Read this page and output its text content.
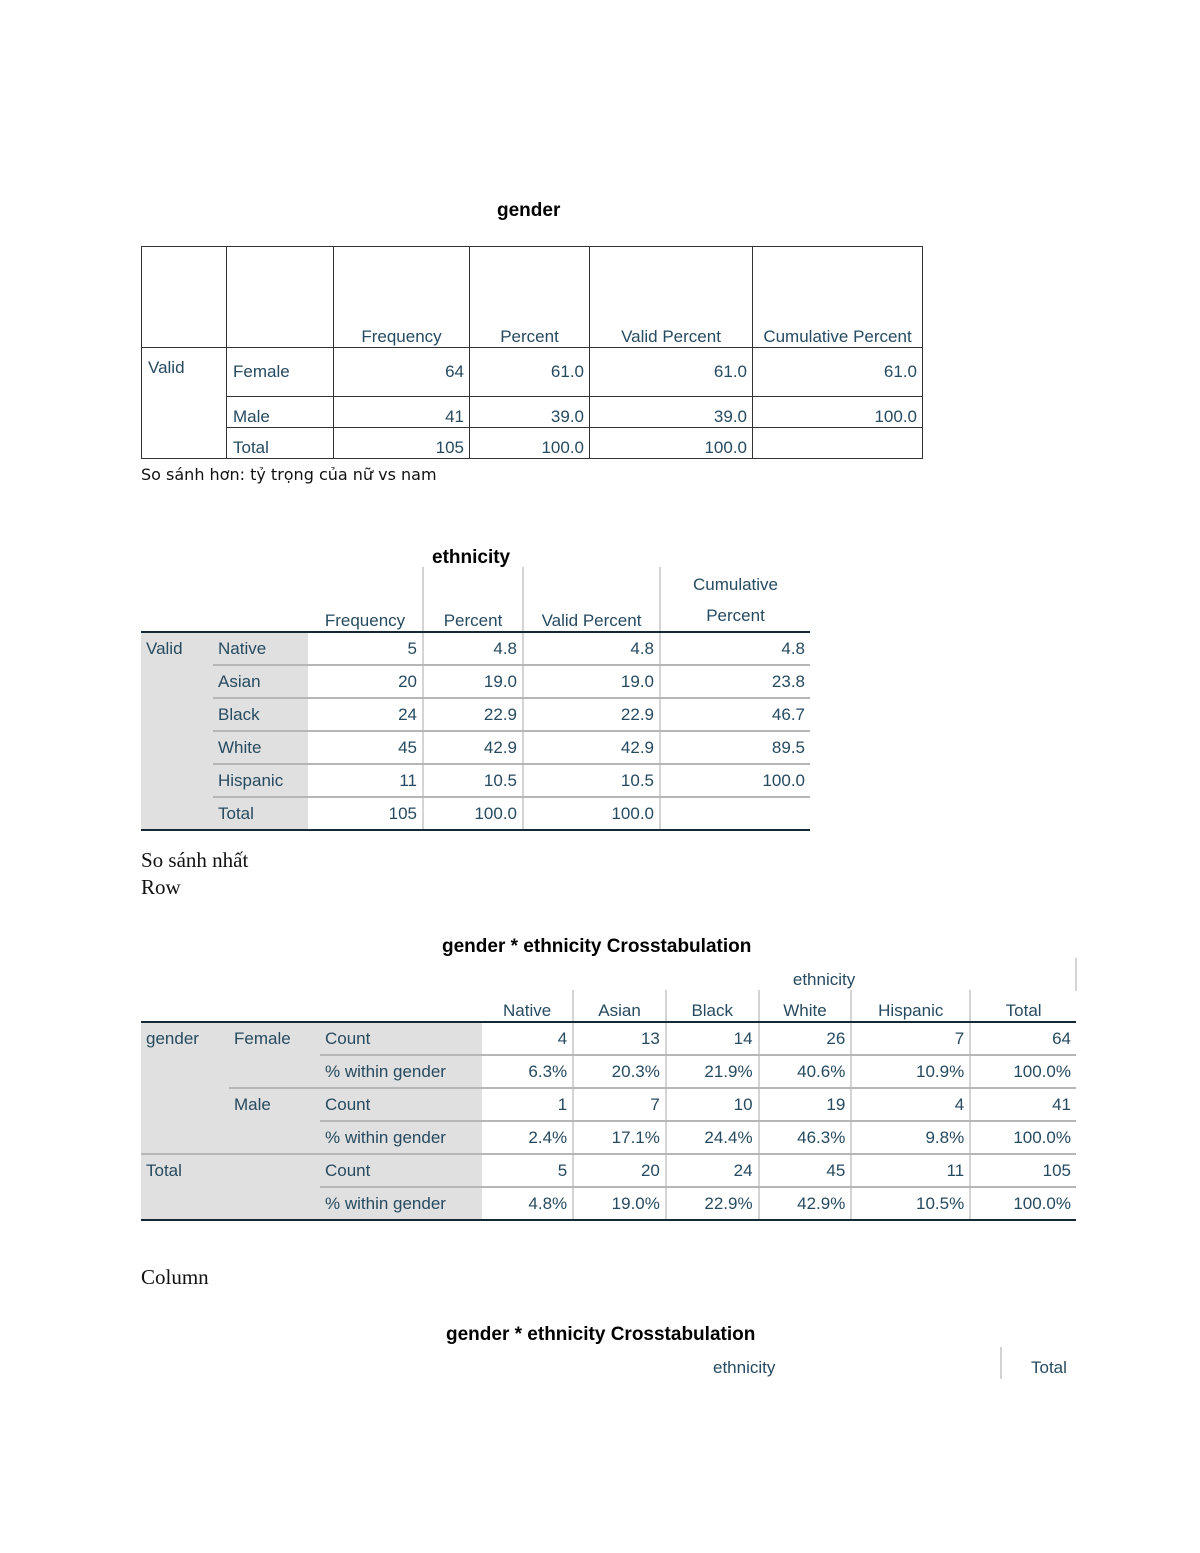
gender
		Frequency	Percent	Valid Percent	Cumulative Percent
Valid	Female	64	61.0	61.0	61.0
	Male	41	39.0	39.0	100.0
	Total	105	100.0	100.0	
So sánh hơn: tỷ trọng của nữ vs nam
ethnicity
		Frequency	Percent	Valid Percent	Cumulative
Percent
Valid	Native	5	4.8	4.8	4.8
	Asian	20	19.0	19.0	23.8
	Black	24	22.9	22.9	46.7
	White	45	42.9	42.9	89.5
	Hispanic	11	10.5	10.5	100.0
	Total	105	100.0	100.0	
So sánh nhất
Row
gender * ethnicity Crosstabulation
				ethnicity					
			Native	Asian	Black	White	Hispanic	Total	
gender	Female	Count	4	13	14	26	7	64	
		% within gender	6.3%	20.3%	21.9%	40.6%	10.9%	100.0%	
	Male	Count	1	7	10	19	4	41	
		% within gender	2.4%	17.1%	24.4%	46.3%	9.8%	100.0%	
Total		Count	5	20	24	45	11	105	
		% within gender	4.8%	19.0%	22.9%	42.9%	10.5%	100.0%	
Column
gender * ethnicity Crosstabulation
ethnicity	Total
